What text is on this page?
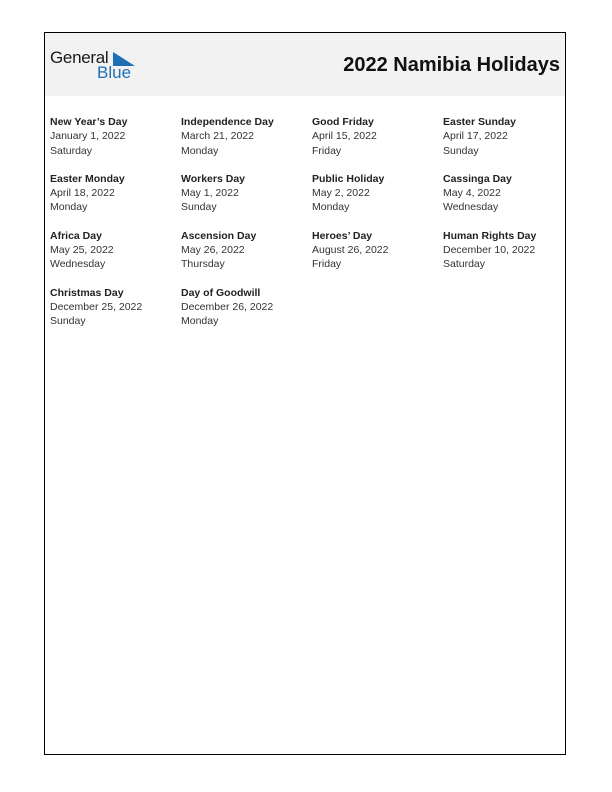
General
Blue	2022 Namibia Holidays
New Year’s Day
January 1, 2022
Saturday
Independence Day
March 21, 2022
Monday
Good Friday
April 15, 2022
Friday
Easter Sunday
April 17, 2022
Sunday
Easter Monday
April 18, 2022
Monday
Workers Day
May 1, 2022
Sunday
Public Holiday
May 2, 2022
Monday
Cassinga Day
May 4, 2022
Wednesday
Africa Day
May 25, 2022
Wednesday
Ascension Day
May 26, 2022
Thursday
Heroes’ Day
August 26, 2022
Friday
Human Rights Day
December 10, 2022
Saturday
Christmas Day
December 25, 2022
Sunday
Day of Goodwill
December 26, 2022
Monday
